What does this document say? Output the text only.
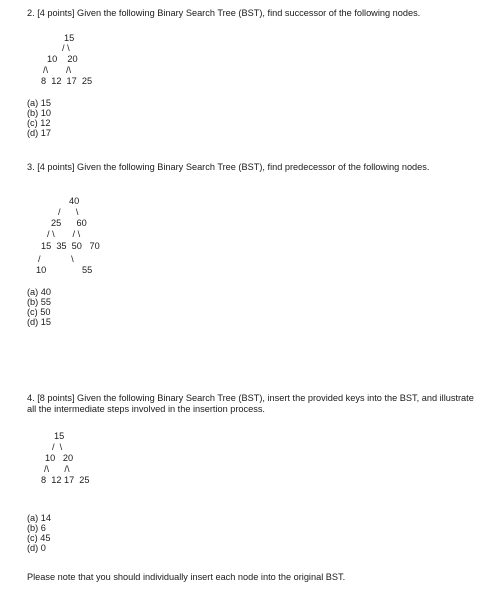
2. [4 points] Given the following Binary Search Tree (BST), find successor of the following nodes.
15
/ \
10    20
/\       /\
8  12  17  25
(a) 15
(b) 10
(c) 12
(d) 17
3. [4 points] Given the following Binary Search Tree (BST), find predecessor of the following nodes.
40
/      \
25      60
/ \       / \
15  35  50   70
/            \
10              55
(a) 40
(b) 55
(c) 50
(d) 15
4. [8 points] Given the following Binary Search Tree (BST), insert the provided keys into the BST, and illustrate all the intermediate steps involved in the insertion process.
15
/  \
10   20
/\      /\
8  12 17  25
(a) 14
(b) 6
(c) 45
(d) 0
Please note that you should individually insert each node into the original BST.
